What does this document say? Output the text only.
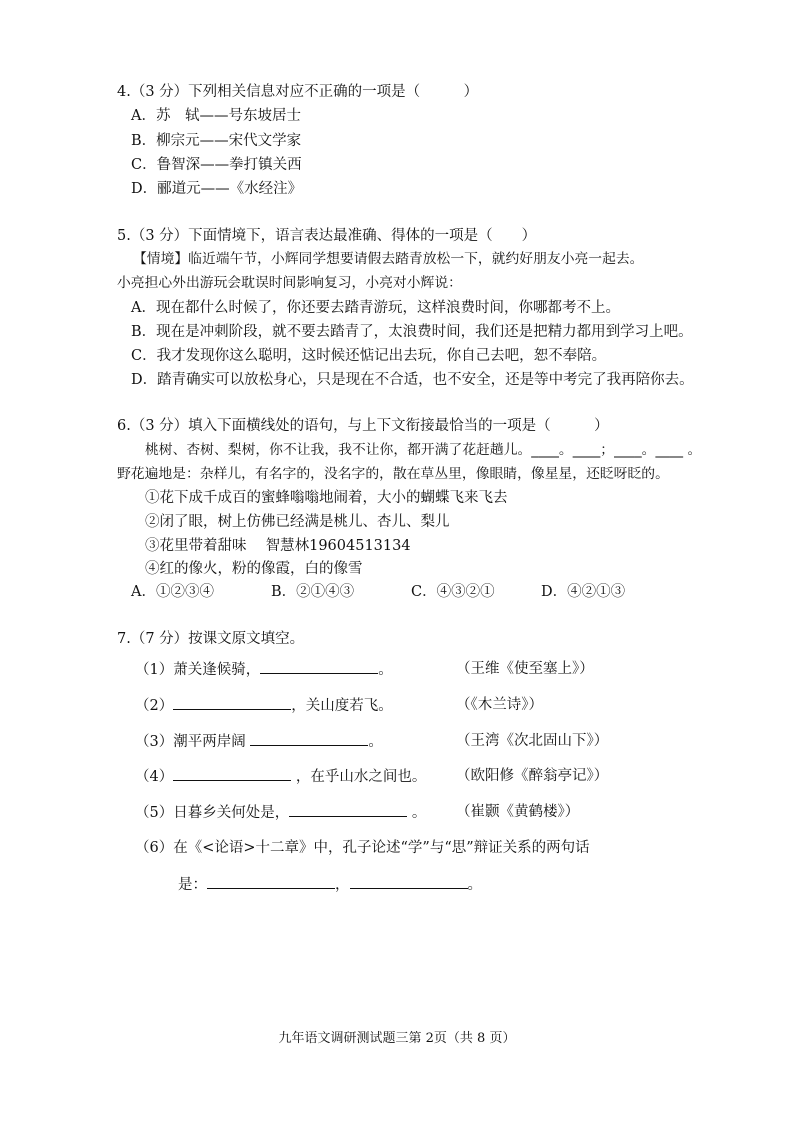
4.（3 分）下列相关信息对应不正确的一项是（　　　）
A．苏　轼——号东坡居士
B．柳宗元——宋代文学家
C．鲁智深——拳打镇关西
D．郦道元——《水经注》
5.（3 分）下面情境下，语言表达最准确、得体的一项是（　　）
【情境】临近端午节，小辉同学想要请假去踏青放松一下，就约好朋友小亮一起去。
小亮担心外出游玩会耽误时间影响复习，小亮对小辉说：
A．现在都什么时候了，你还要去踏青游玩，这样浪费时间，你哪都考不上。
B．现在是冲刺阶段，就不要去踏青了，太浪费时间，我们还是把精力都用到学习上吧。
C．我才发现你这么聪明，这时候还惦记出去玩，你自己去吧，恕不奉陪。
D．踏青确实可以放松身心，只是现在不合适，也不安全，还是等中考完了我再陪你去。
6.（3 分）填入下面横线处的语句，与上下文衔接最恰当的一项是（　　　）
桃树、杏树、梨树，你不让我，我不让你，都开满了花赶趟儿。____。____；____。____ 。
野花遍地是：杂样儿，有名字的，没名字的，散在草丛里，像眼睛，像星星，还眨呀眨的。
①花下成千成百的蜜蜂嗡嗡地闹着，大小的蝴蝶飞来飞去
②闭了眼，树上仿佛已经满是桃儿、杏儿、梨儿
③花里带着甜味　 智慧林19604513134
④红的像火，粉的像霞，白的像雪
A．①②③④	B．②①④③	C．④③②①	D．④②①③
7.（7 分）按课文原文填空。
（1）萧关逢候骑，	。	（王维《使至塞上》）
（2）	，关山度若飞。	（《木兰诗》）
（3）潮平两岸阔	。	（王湾《次北固山下》）
（4）	，在乎山水之间也。 （欧阳修《醉翁亭记》）
（5）日暮乡关何处是，	。 （崔颢《黄鹤楼》）
（6）在《<论语>十二章》中，孔子论述“学”与“思”辩证关系的两句话
是：	，	。
九年语文调研测试题三第 2页（共 8 页）
